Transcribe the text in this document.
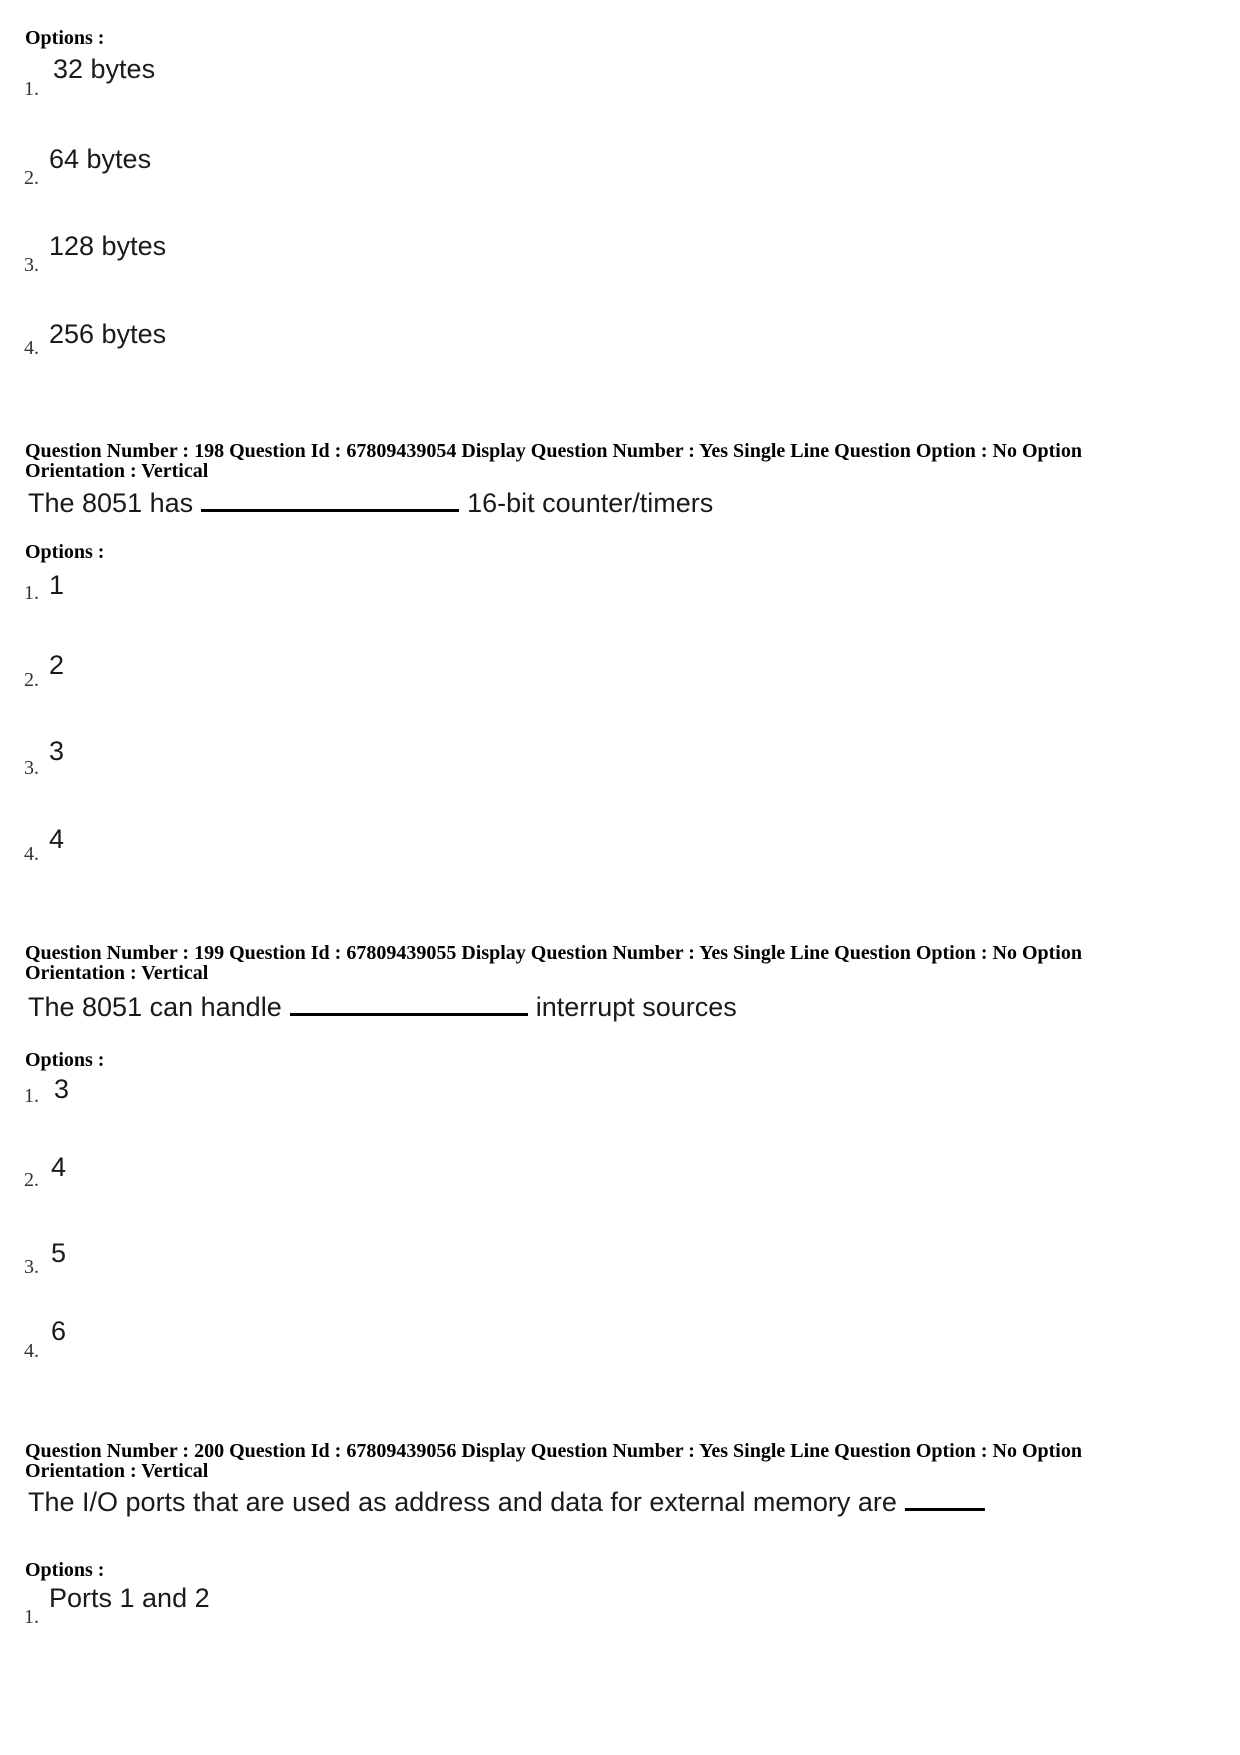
Options :
1.
32 bytes
2.
64 bytes
3.
128 bytes
4. 256 bytes
Question Number : 198 Question Id : 67809439054 Display Question Number : Yes Single Line Question Option : No Option
Orientation : Vertical
The 8051 has	16-bit counter/timers
Options :
1. 1
2. 2
3.
3
4. 4
Question Number : 199 Question Id : 67809439055 Display Question Number : Yes Single Line Question Option : No Option
Orientation : Vertical
The 8051 can handle	interrupt sources
Options :
1. 3
2. 4
3. 5
4.
6
Question Number : 200 Question Id : 67809439056 Display Question Number : Yes Single Line Question Option : No Option
Orientation : Vertical
The I/O ports that are used as address and data for external memory are
Options :
1.
Ports 1 and 2
